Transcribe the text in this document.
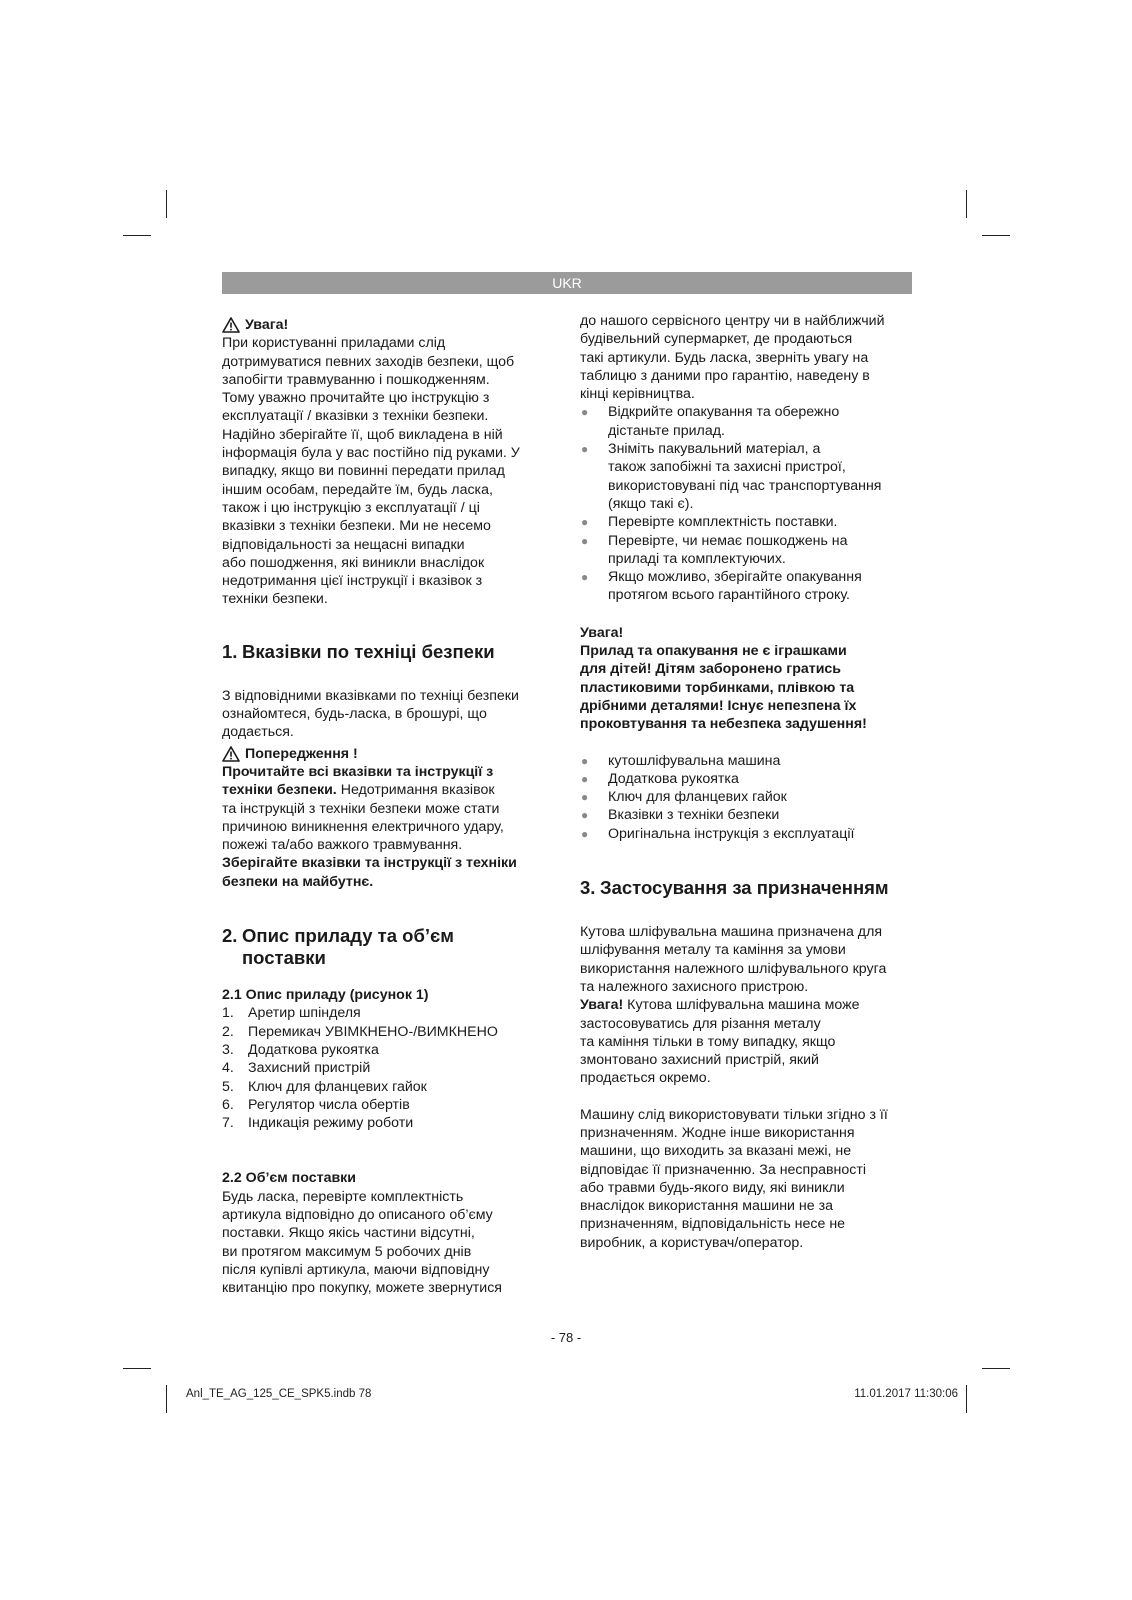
UKR
Увага!

При користуванні приладами слід

дотримуватися певних заходів безпеки, щоб

запобігти травмуванню і пошкодженням.

Тому уважно прочитайте цю інструкцію з

експлуатації / вказівки з техніки безпеки.

Надійно зберігайте її, щоб викладена в ній

інформація була у вас постійно під руками. У

випадку, якщо ви повинні передати прилад

іншим особам, передайте їм, будь ласка,

також і цю інструкцію з експлуатації / ці

вказівки з техніки безпеки. Ми не несемо

відповідальності за нещасні випадки

або пошодження, які виникли внаслідок

недотримання цієї інструкції і вказівок з

техніки безпеки.

1. Вказівки по техніці безпеки

З відповідними вказівками по техніці безпеки

ознайомтеся, будь-ласка, в брошурі, що

додається.

Попередження !

Прочитайте всі вказівки та інструкції з

техніки безпеки. Недотримання вказівок

та інструкцій з техніки безпеки може стати

причиною виникнення електричного удару,

пожежі та/або важкого травмування.

Зберігайте вказівки та інструкції з техніки

безпеки на майбутнє.

2. Опис приладу та об’єм
поставки
2.1 Опис приладу (рисунок 1)
1. Аретир шпінделя
2. Перемикач УВІМКНЕНО-/ВИМКНЕНО
3. Додаткова рукоятка
4. Захисний пристрій
5. Ключ для фланцевих гайок
6. Регулятор числа обертів
7. Індикація режиму роботи
2.2 Об’єм поставки

Будь ласка, перевірте комплектність

артикула відповідно до описаного об’єму

поставки. Якщо якісь частини відсутні,

ви протягом максимум 5 робочих днів

після купівлі артикула, маючи відповідну

квитанцію про покупку, можете звернутися

до нашого сервісного центру чи в найближчий

будівельний супермаркет, де продаються

такі артикули. Будь ласка, зверніть увагу на

таблицю з даними про гарантію, наведену в

кінці керівництва.

●	Відкрийте опакування та обережно
дістаньте прилад.
●	Зніміть пакувальний матеріал, а
також запобіжні та захисні пристрої,
використовувані під час транспортування
(якщо такі є).
●	Перевірте комплектність поставки.
●	Перевірте, чи немає пошкоджень на
приладі та комплектуючих.
●	Якщо можливо, зберігайте опакування
протягом всього гарантійного строку.

Увага!

Прилад та опакування не є іграшками

для дітей! Дітям заборонено гратись

пластиковими торбинками, плівкою та

дрібними деталями! Існує непезпена їх

проковтування та небезпека задушення!

●	кутошліфувальна машина
●	Додаткова рукоятка
●	Ключ для фланцевих гайок
●	Вказівки з техніки безпеки
●	Оригінальна інструкція з експлуатації
3. Застосування за призначенням

Кутова шліфувальна машина призначена для

шліфування металу та каміння за умови

використання належного шліфувального круга

та належного захисного пристрою.

Увага! Кутова шліфувальна машина може

застосовуватись для різання металу

та каміння тільки в тому випадку, якщо

змонтовано захисний пристрій, який

продається окремо.

Машину слід використовувати тільки згідно з її

призначенням. Жодне інше використання

машини, що виходить за вказані межі, не

відповідає її призначенню. За несправності

або травми будь-якого виду, які виникли

внаслідок використання машини не за

призначенням, відповідальність несе не

виробник, а користувач/оператор.

- 78 -
Anl_TE_AG_125_CE_SPK5.indb 78	11.01.2017 11:30:06
